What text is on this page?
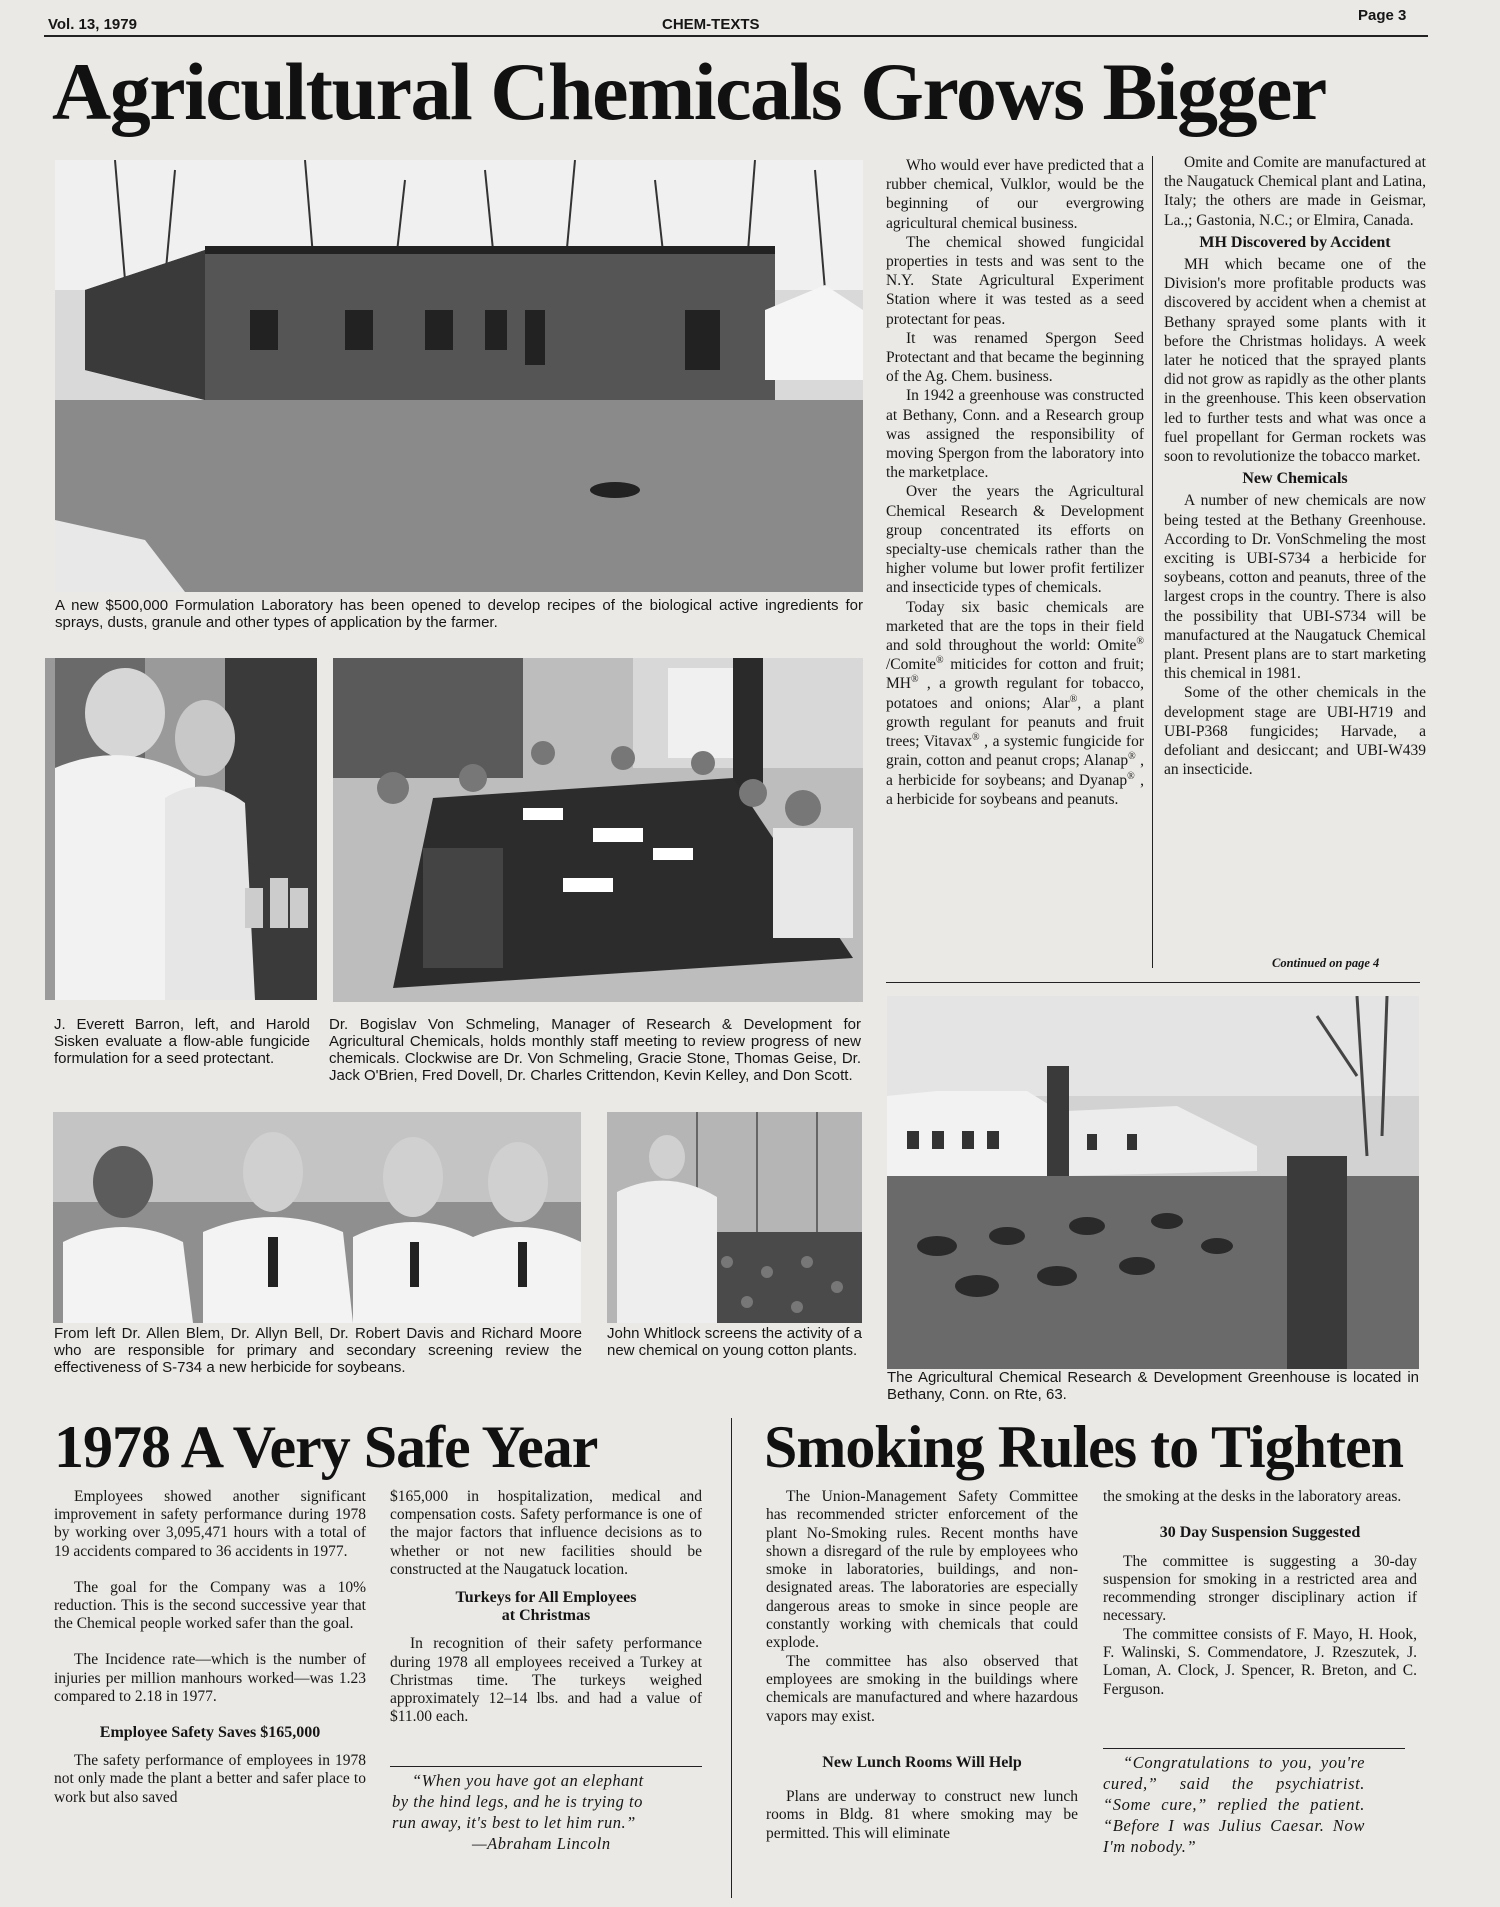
Vol. 13, 1979	CHEM-TEXTS
Page 3
Agricultural Chemicals Grows Bigger
A new $500,000 Formulation Laboratory has been opened to develop recipes of the biological active ingredients for sprays, dusts, granule and other types of application by the farmer.
J. Everett Barron, left, and Harold Sisken evaluate a flow-able fungicide formulation for a seed protectant.
Dr. Bogislav Von Schmeling, Manager of Research & Development for Agricultural Chemicals, holds monthly staff meeting to review progress of new chemicals. Clockwise are Dr. Von Schmeling, Gracie Stone, Thomas Geise, Dr. Jack O'Brien, Fred Dovell, Dr. Charles Crittendon, Kevin Kelley, and Don Scott.
From left Dr. Allen Blem, Dr. Allyn Bell, Dr. Robert Davis and Richard Moore who are responsible for primary and secondary screening review the effectiveness of S-734 a new herbicide for soybeans.
John Whitlock screens the activity of a new chemical on young cotton plants.
The Agricultural Chemical Research & Development Greenhouse is located in Bethany, Conn. on Rte, 63.

Who would ever have predicted that a rubber chemical, Vulklor, would be the beginning of our evergrowing agricultural chemical business.

The chemical showed fungicidal properties in tests and was sent to the N.Y. State Agricultural Experiment Station where it was tested as a seed protectant for peas.

It was renamed Spergon Seed Protectant and that became the beginning of the Ag. Chem. business.

In 1942 a greenhouse was constructed at Bethany, Conn. and a Research group was assigned the responsibility of moving Spergon from the laboratory into the marketplace.

Over the years the Agricultural Chemical Research & Development group concentrated its efforts on specialty-use chemicals rather than the higher volume but lower profit fertilizer and insecticide types of chemicals.

Today six basic chemicals are marketed that are the tops in their field and sold throughout the world: Omite® /Comite® miticides for cotton and fruit; MH® , a growth regulant for tobacco, potatoes and onions; Alar®, a plant growth regulant for peanuts and fruit trees; Vitavax® , a systemic fungicide for grain, cotton and peanut crops; Alanap® , a herbicide for soybeans; and Dyanap® , a herbicide for soybeans and peanuts.

Omite and Comite are manufactured at the Naugatuck Chemical plant and Latina, Italy; the others are made in Geismar, La.,; Gastonia, N.C.; or Elmira, Canada.

MH Discovered by Accident

MH which became one of the Division's more profitable products was discovered by accident when a chemist at Bethany sprayed some plants with it before the Christmas holidays. A week later he noticed that the sprayed plants did not grow as rapidly as the other plants in the greenhouse. This keen observation led to further tests and what was once a fuel propellant for German rockets was soon to revolutionize the tobacco market.

New Chemicals

A number of new chemicals are now being tested at the Bethany Greenhouse. According to Dr. VonSchmeling the most exciting is UBI-S734 a herbicide for soybeans, cotton and peanuts, three of the largest crops in the country. There is also the possibility that UBI-S734 will be manufactured at the Naugatuck Chemical plant. Present plans are to start marketing this chemical in 1981.

Some of the other chemicals in the development stage are UBI-H719 and UBI-P368 fungicides; Harvade, a defoliant and desiccant; and UBI-W439 an insecticide.

Continued on page 4
1978 A Very Safe Year

Employees showed another significant improvement in safety performance during 1978 by working over 3,095,471 hours with a total of 19 accidents compared to 36 accidents in 1977.

The goal for the Company was a 10% reduction. This is the second successive year that the Chemical people worked safer than the goal.

The Incidence rate—which is the number of injuries per million manhours worked—was 1.23 compared to 2.18 in 1977.

Employee Safety Saves $165,000

The safety performance of employees in 1978 not only made the plant a better and safer place to work but also saved

$165,000 in hospitalization, medical and compensation costs. Safety performance is one of the major factors that influence decisions as to whether or not new facilities should be constructed at the Naugatuck location.

Turkeys for All Employees
at Christmas

In recognition of their safety performance during 1978 all employees received a Turkey at Christmas time. The turkeys weighed approximately 12–14 lbs. and had a value of $11.00 each.

“When you have got an elephant by the hind legs, and he is trying to run away, it's best to let him run.”
—Abraham Lincoln
Smoking Rules to Tighten

The Union-Management Safety Committee has recommended stricter enforcement of the plant No-Smoking rules. Recent months have shown a disregard of the rule by employees who smoke in laboratories, buildings, and non-designated areas. The laboratories are especially dangerous areas to smoke in since people are constantly working with chemicals that could explode.

The committee has also observed that employees are smoking in the buildings where chemicals are manufactured and where hazardous vapors may exist.

New Lunch Rooms Will Help

Plans are underway to construct new lunch rooms in Bldg. 81 where smoking may be permitted. This will eliminate

the smoking at the desks in the laboratory areas.

30 Day Suspension Suggested

The committee is suggesting a 30-day suspension for smoking in a restricted area and recommending stronger disciplinary action if necessary.

The committee consists of F. Mayo, H. Hook, F. Walinski, S. Commendatore, J. Rzeszutek, J. Loman, A. Clock, J. Spencer, R. Breton, and C. Ferguson.

“Congratulations to you, you're cured,” said the psychiatrist. “Some cure,” replied the patient. “Before I was Julius Caesar. Now I'm nobody.”
